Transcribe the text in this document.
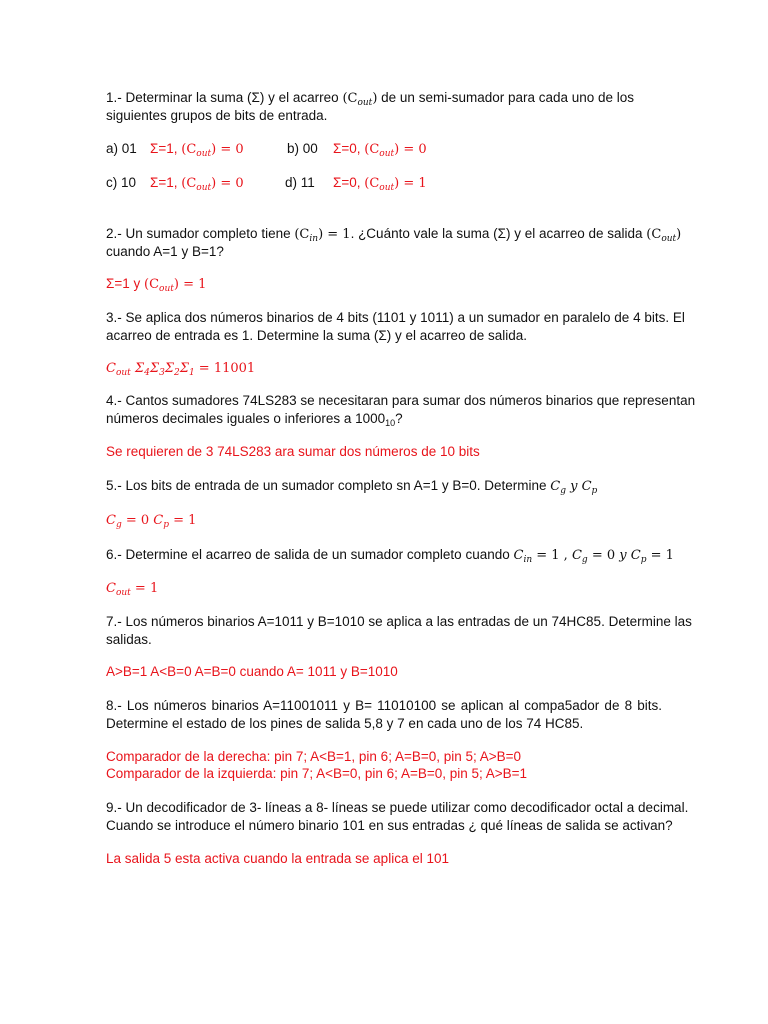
1.- Determinar la suma (Σ) y el acarreo $(C_{out})$ de un semi-sumador para cada uno de los
siguientes grupos de bits de entrada.
a) 01 Σ=1, $(C_{out}) = 0$	b) 00 Σ=0, $(C_{out}) = 0$
c) 10 Σ=1, $(C_{out}) = 0$	d) 11 Σ=0, $(C_{out}) = 1$
2.- Un sumador completo tiene $(C_{in}) = 1$. ¿Cuánto vale la suma (Σ) y el acarreo de salida $(C_{out})$
cuando A=1 y B=1?
Σ=1 y $(C_{out}) = 1$
3.- Se aplica dos números binarios de 4 bits (1101 y 1011) a un sumador en paralelo de 4 bits. El
acarreo de entrada es 1. Determine la suma (Σ) y el acarreo de salida.
$C_{out}$ $\Sigma_4\Sigma_3\Sigma_2\Sigma_1 = 11001$
4.- Cantos sumadores 74LS283 se necesitaran para sumar dos números binarios que representan
números decimales iguales o inferiores a $1000_{10}$?
Se requieren de 3 74LS283 ara sumar dos números de 10 bits
5.- Los bits de entrada de un sumador completo sn A=1 y B=0. Determine $C_g$ y $C_p$
$C_g = 0$ $C_p = 1$
6.- Determine el acarreo de salida de un sumador completo cuando $C_{in} = 1$ , $C_g = 0$ y $C_p = 1$
$C_{out} = 1$
7.- Los números binarios A=1011 y B=1010 se aplica a las entradas de un 74HC85. Determine las
salidas.
A>B=1 A<B=0 A=B=0 cuando A= 1011 y B=1010
8.- Los números binarios A=11001011 y B= 11010100 se aplican al compa5ador de 8 bits.
Determine el estado de los pines de salida 5,8 y 7 en cada uno de los 74 HC85.
Comparador de la derecha: pin 7; A<B=1, pin 6; A=B=0, pin 5; A>B=0
Comparador de la izquierda: pin 7; A<B=0, pin 6; A=B=0, pin 5; A>B=1
9.- Un decodificador de 3- líneas a 8- líneas se puede utilizar como decodificador octal a decimal.
Cuando se introduce el número binario 101 en sus entradas ¿ qué líneas de salida se activan?
La salida 5 esta activa cuando la entrada se aplica el 101
